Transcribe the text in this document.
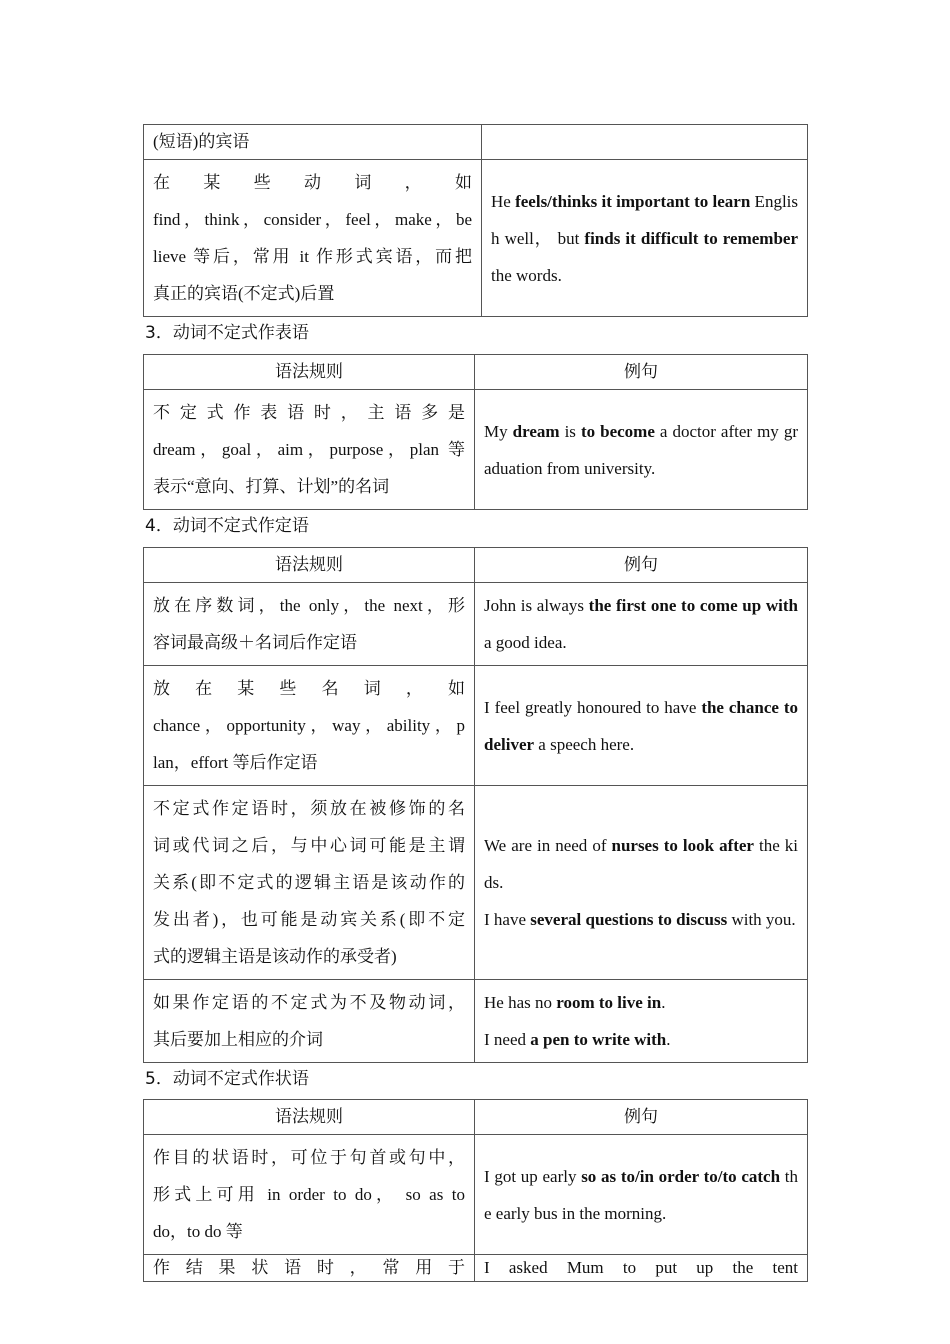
(短语)的宾语	

在 某 些 动 词 ， 如
find，think，consider，feel，make，be
lieve 等后，常用 it 作形式宾语，而把
真正的宾语(不定式)后置	He feels/thinks it important to learn English well， but finds it difficult to remember the words.
3．动词不定式作表语
语法规则	例句

不 定 式 作 表 语 时 ， 主 语 多 是
dream，goal，aim，purpose，plan 等
表示“意向、打算、计划”的名词	My dream is to become a doctor after my graduation from university.
4．动词不定式作定语
语法规则	例句

放在序数词，the only，the next，形
容词最高级＋名词后作定语	John is always the first one to come up with a good idea.

放 在 某 些 名 词 ， 如
chance，opportunity，way，ability，p
lan，effort 等后作定语	I feel greatly honoured to have the chance to deliver a speech here.

不定式作定语时，须放在被修饰的名
词或代词之后，与中心词可能是主谓
关系(即不定式的逻辑主语是该动作的
发出者)，也可能是动宾关系(即不定
式的逻辑主语是该动作的承受者)	We are in need of nurses to look after the kids.
I have several questions to discuss with you.

如果作定语的不定式为不及物动词，
其后要加上相应的介词	He has no room to live in.
I need a pen to write with.
5．动词不定式作状语
语法规则	例句

作目的状语时，可位于句首或句中，
形式上可用 in order to do， so as to
do，to do 等	I got up early so as to/in order to/to catch the early bus in the morning.

作 结 果 状 语 时 ， 常 用 于	I asked Mum to put up the tent
